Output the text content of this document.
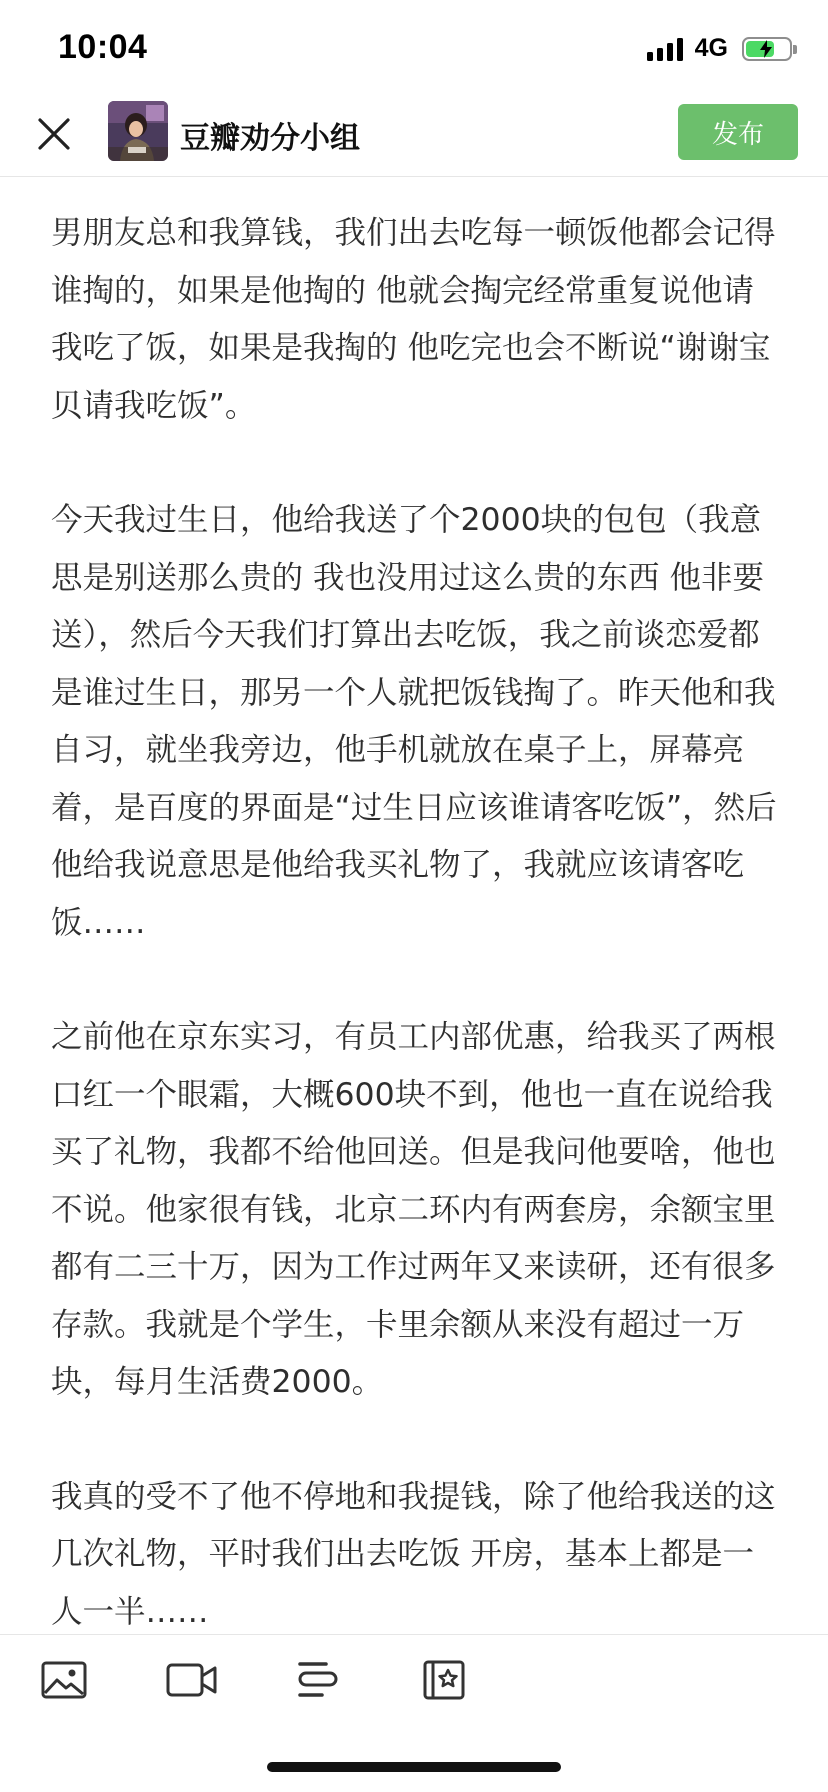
10:04	4G
豆瓣劝分小组	发布

男朋友总和我算钱，我们出去吃每一顿饭他都会记得谁掏的，如果是他掏的 他就会掏完经常重复说他请我吃了饭，如果是我掏的 他吃完也会不断说“谢谢宝贝请我吃饭”。

今天我过生日，他给我送了个2000块的包包（我意思是别送那么贵的 我也没用过这么贵的东西 他非要送），然后今天我们打算出去吃饭，我之前谈恋爱都是谁过生日，那另一个人就把饭钱掏了。昨天他和我自习，就坐我旁边，他手机就放在桌子上，屏幕亮着，是百度的界面是“过生日应该谁请客吃饭”，然后他给我说意思是他给我买礼物了，我就应该请客吃饭……

之前他在京东实习，有员工内部优惠，给我买了两根口红一个眼霜，大概600块不到，他也一直在说给我买了礼物，我都不给他回送。但是我问他要啥，他也不说。他家很有钱，北京二环内有两套房，余额宝里都有二三十万，因为工作过两年又来读研，还有很多存款。我就是个学生，卡里余额从来没有超过一万块，每月生活费2000。

我真的受不了他不停地和我提钱，除了他给我送的这几次礼物，平时我们出去吃饭 开房，基本上都是一人一半……
